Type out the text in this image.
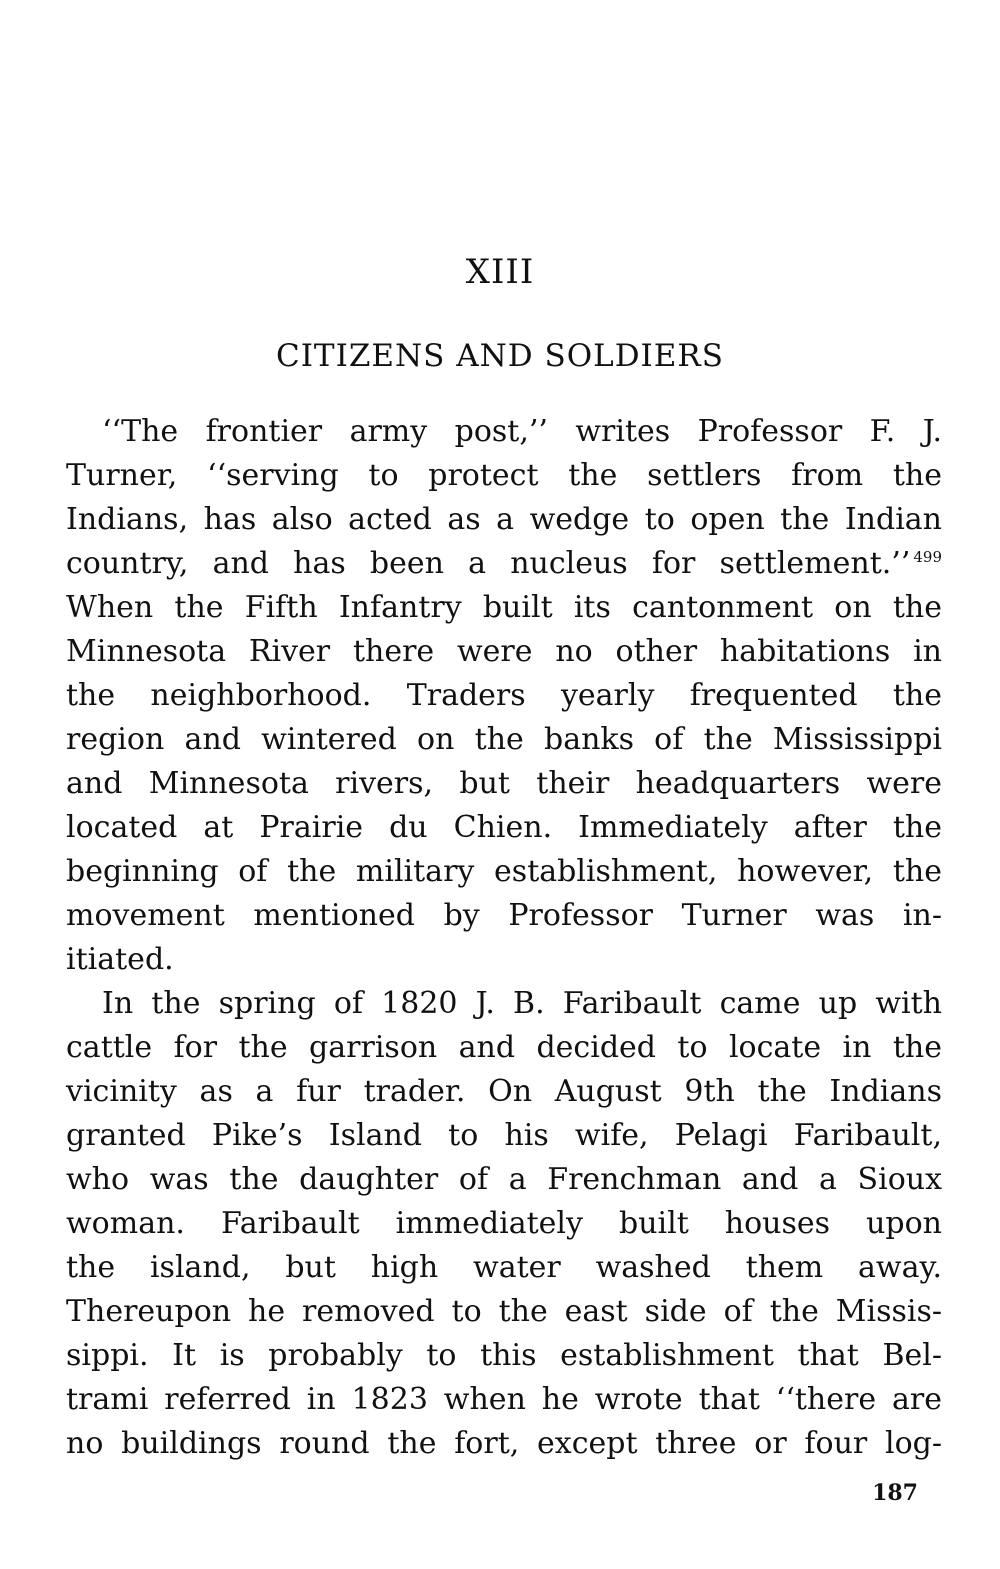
XIII
CITIZENS AND SOLDIERS
‘‘The frontier army post,’’ writes Professor F. J.
Turner, ‘‘serving to protect the settlers from the
Indians, has also acted as a wedge to open the Indian
country, and has been a nucleus for settlement.’’ $^{499}$
When the Fifth Infantry built its cantonment on the
Minnesota River there were no other habitations in
the neighborhood. Traders yearly frequented the
region and wintered on the banks of the Mississippi
and Minnesota rivers, but their headquarters were
located at Prairie du Chien. Immediately after the
beginning of the military establishment, however, the
movement mentioned by Professor Turner was in-
itiated.
In the spring of 1820 J. B. Faribault came up with
cattle for the garrison and decided to locate in the
vicinity as a fur trader. On August 9th the Indians
granted Pike’s Island to his wife, Pelagi Faribault,
who was the daughter of a Frenchman and a Sioux
woman. Faribault immediately built houses upon
the island, but high water washed them away.
Thereupon he removed to the east side of the Missis-
sippi. It is probably to this establishment that Bel-
trami referred in 1823 when he wrote that ‘‘there are
no buildings round the fort, except three or four log-
187
